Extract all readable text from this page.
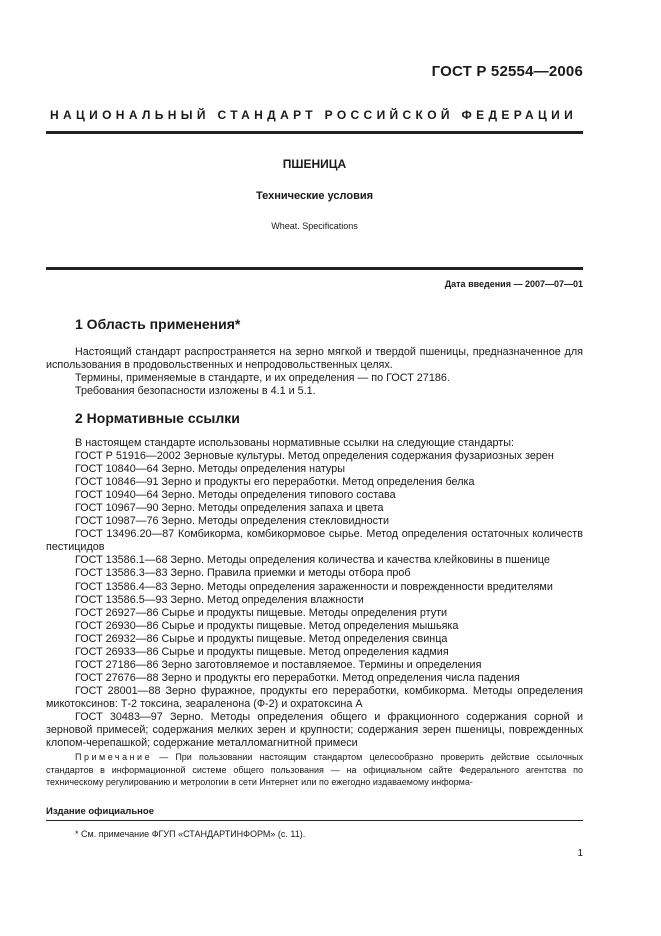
ГОСТ Р 52554—2006
НАЦИОНАЛЬНЫЙ СТАНДАРТ РОССИЙСКОЙ ФЕДЕРАЦИИ
ПШЕНИЦА
Технические условия
Wheat. Specifications
Дата введения — 2007—07—01
1 Область применения*
Настоящий стандарт распространяется на зерно мягкой и твердой пшеницы, предназначенное для использования в продовольственных и непродовольственных целях.
Термины, применяемые в стандарте, и их определения — по ГОСТ 27186.
Требования безопасности изложены в 4.1 и 5.1.
2 Нормативные ссылки
В настоящем стандарте использованы нормативные ссылки на следующие стандарты:
ГОСТ Р 51916—2002 Зерновые культуры. Метод определения содержания фузариозных зерен
ГОСТ 10840—64 Зерно. Методы определения натуры
ГОСТ 10846—91 Зерно и продукты его переработки. Метод определения белка
ГОСТ 10940—64 Зерно. Методы определения типового состава
ГОСТ 10967—90 Зерно. Методы определения запаха и цвета
ГОСТ 10987—76 Зерно. Методы определения стекловидности
ГОСТ 13496.20—87 Комбикорма, комбикормовое сырье. Метод определения остаточных количеств пестицидов
ГОСТ 13586.1—68 Зерно. Методы определения количества и качества клейковины в пшенице
ГОСТ 13586.3—83 Зерно. Правила приемки и методы отбора проб
ГОСТ 13586.4—83 Зерно. Методы определения зараженности и поврежденности вредителями
ГОСТ 13586.5—93 Зерно. Метод определения влажности
ГОСТ 26927—86 Сырье и продукты пищевые. Методы определения ртути
ГОСТ 26930—86 Сырье и продукты пищевые. Метод определения мышьяка
ГОСТ 26932—86 Сырье и продукты пищевые. Метод определения свинца
ГОСТ 26933—86 Сырье и продукты пищевые. Метод определения кадмия
ГОСТ 27186—86 Зерно заготовляемое и поставляемое. Термины и определения
ГОСТ 27676—88 Зерно и продукты его переработки. Метод определения числа падения
ГОСТ 28001—88 Зерно фуражное, продукты его переработки, комбикорма. Методы определения микотоксинов: Т-2 токсина, зеараленона (Ф-2) и охратоксина А
ГОСТ 30483—97 Зерно. Методы определения общего и фракционного содержания сорной и зерновой примесей; содержания мелких зерен и крупности; содержания зерен пшеницы, поврежденных клопом-черепашкой; содержание металломагнитной примеси
Примечание — При пользовании настоящим стандартом целесообразно проверить действие ссылочных стандартов в информационной системе общего пользования — на официальном сайте Федерального агентства по техническому регулированию и метрологии в сети Интернет или по ежегодно издаваемому информа-
Издание официальное
* См. примечание ФГУП «СТАНДАРТИНФОРМ» (с. 11).
1
